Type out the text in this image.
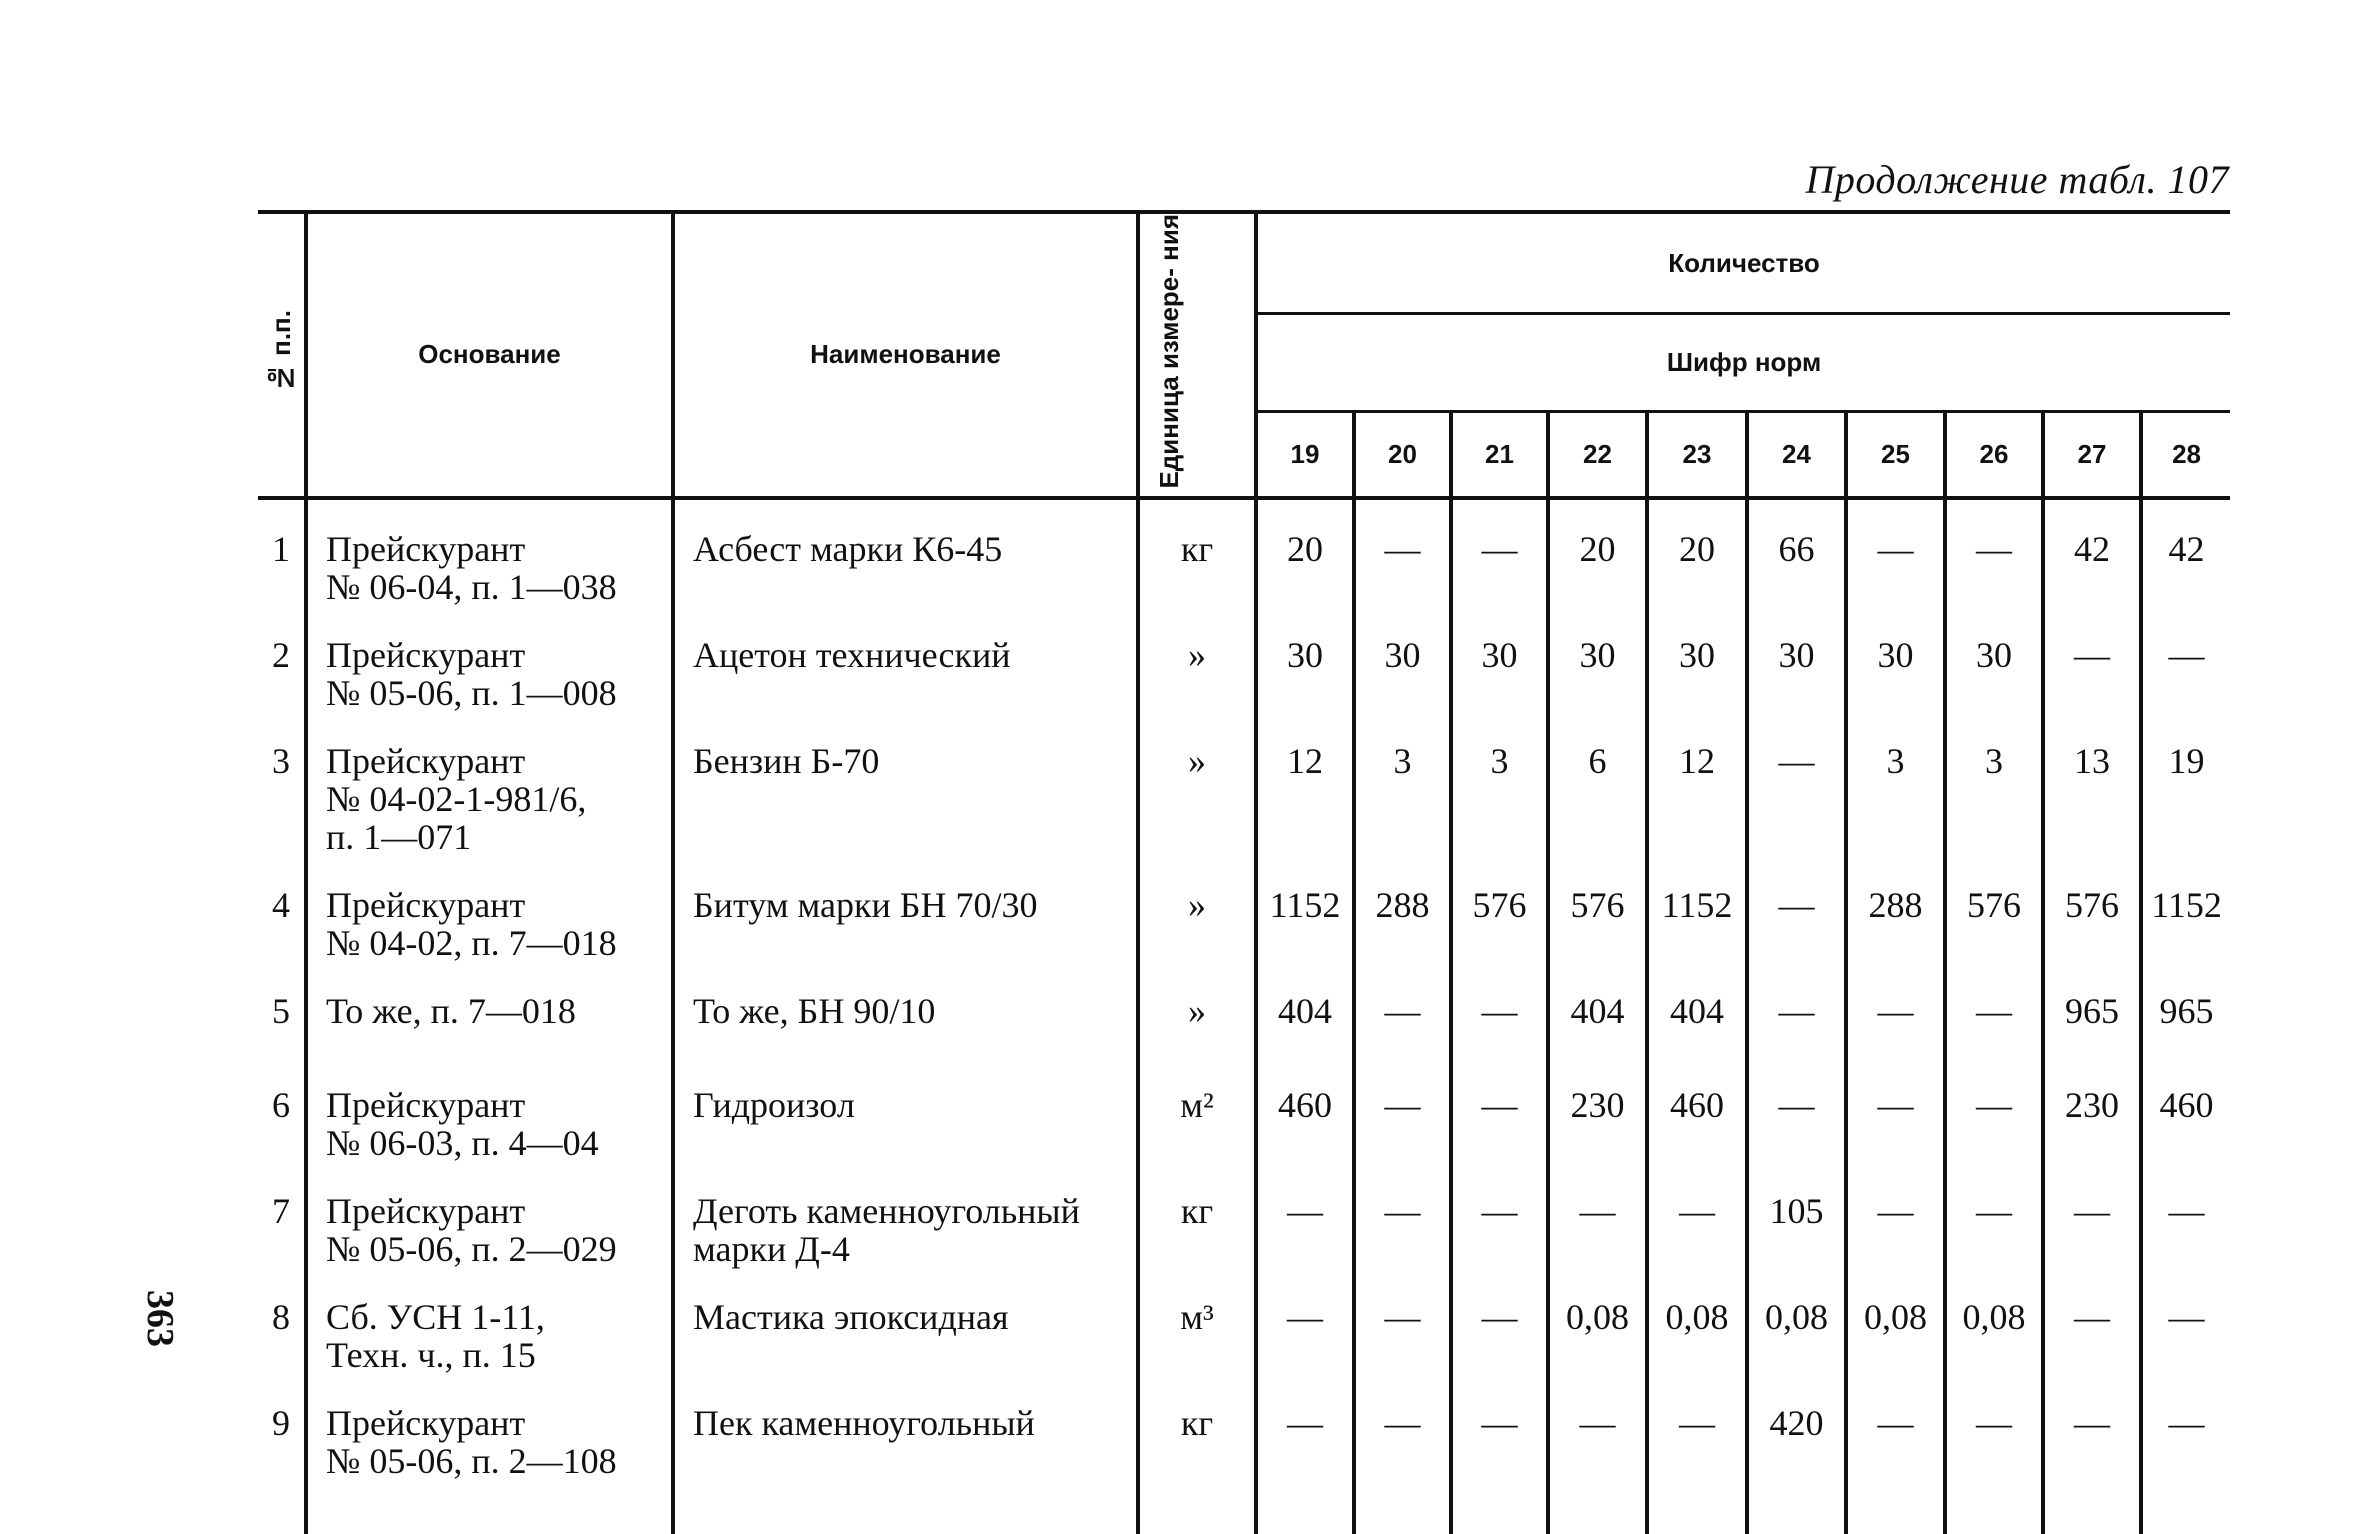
Продолжение табл. 107
№ п.п.	Основание	Наименование	Единица измере- ния	Количество									
				Шифр норм									
				19	20	21	22	23	24	25	26	27	28
1	Прейскурант
№ 06-04, п. 1—038	Асбест марки К6-45	кг	20	—	—	20	20	66	—	—	42	42
2	Прейскурант
№ 05-06, п. 1—008	Ацетон технический	»	30	30	30	30	30	30	30	30	—	—
3	Прейскурант
№ 04-02-1-981/6,
п. 1—071	Бензин Б-70	»	12	3	3	6	12	—	3	3	13	19
4	Прейскурант
№ 04-02, п. 7—018	Битум марки БН 70/30	»	1152	288	576	576	1152	—	288	576	576	1152
5	То же, п. 7—018	То же, БН 90/10	»	404	—	—	404	404	—	—	—	965	965
6	Прейскурант
№ 06-03, п. 4—04	Гидроизол	м²	460	—	—	230	460	—	—	—	230	460
7	Прейскурант
№ 05-06, п. 2—029	Деготь каменноугольный
марки Д-4	кг	—	—	—	—	—	105	—	—	—	—
8	Сб. УСН 1-11,
Техн. ч., п. 15	Мастика эпоксидная	м³	—	—	—	0,08	0,08	0,08	0,08	0,08	—	—
9	Прейскурант
№ 05-06, п. 2—108	Пек каменноугольный	кг	—	—	—	—	—	420	—	—	—	—
363
